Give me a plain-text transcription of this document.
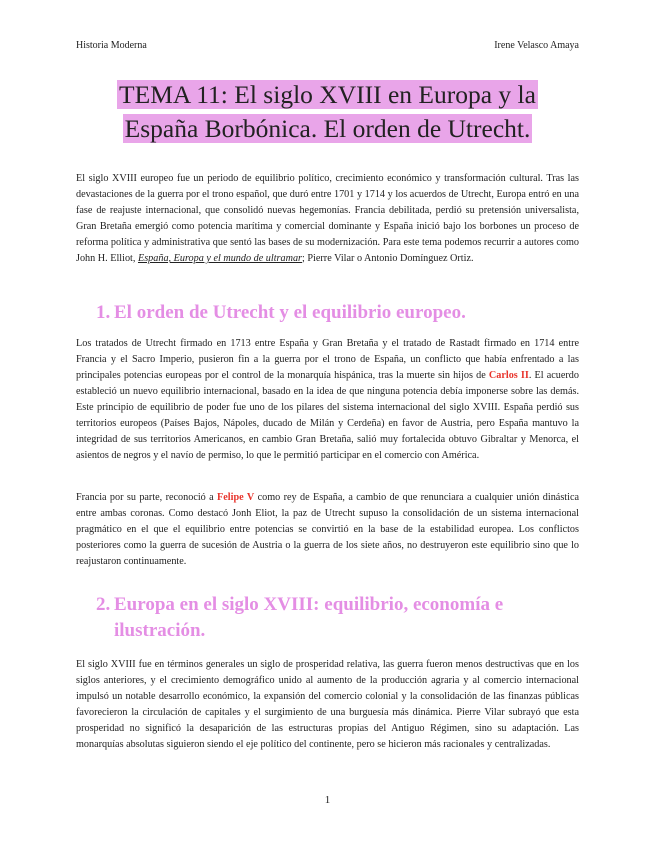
Historia Moderna	Irene Velasco Amaya
TEMA 11: El siglo XVIII en Europa y la
España Borbónica. El orden de Utrecht.

El siglo XVIII europeo fue un periodo de equilibrio político, crecimiento económico y transformación cultural. Tras las devastaciones de la guerra por el trono español, que duró entre 1701 y 1714 y los acuerdos de Utrecht, Europa entró en una fase de reajuste internacional, que consolidó nuevas hegemonías. Francia debilitada, perdió su pretensión universalista, Gran Bretaña emergió como potencia marítima y comercial dominante y España inició bajo los borbones un proceso de reforma política y administrativa que sentó las bases de su modernización. Para este tema podemos recurrir a autores como John H. Elliot, España, Europa y el mundo de ultramar; Pierre Vilar o Antonio Domínguez Ortiz.

1. El orden de Utrecht y el equilibrio europeo.

Los tratados de Utrecht firmado en 1713 entre España y Gran Bretaña y el tratado de Rastadt firmado en 1714 entre Francia y el Sacro Imperio, pusieron fin a la guerra por el trono de España, un conflicto que había enfrentado a las principales potencias europeas por el control de la monarquía hispánica, tras la muerte sin hijos de Carlos II. El acuerdo estableció un nuevo equilibrio internacional, basado en la idea de que ninguna potencia debía imponerse sobre las demás. Este principio de equilibrio de poder fue uno de los pilares del sistema internacional del siglo XVIII. España perdió sus territorios europeos (Países Bajos, Nápoles, ducado de Milán y Cerdeña) en favor de Austria, pero España mantuvo la integridad de sus territorios Americanos, en cambio Gran Bretaña, salió muy fortalecida obtuvo Gibraltar y Menorca, el asientos de negros y el navío de permiso, lo que le permitió participar en el comercio con América.

Francia por su parte, reconoció a Felipe V como rey de España, a cambio de que renunciara a cualquier unión dinástica entre ambas coronas. Como destacó Jonh Eliot, la paz de Utrecht supuso la consolidación de un sistema internacional pragmático en el que el equilibrio entre potencias se convirtió en la base de la estabilidad europea. Los conflictos posteriores como la guerra de sucesión de Austria o la guerra de los siete años, no destruyeron este equilibrio sino que lo reajustaron continuamente.

2. Europa en el siglo XVIII: equilibrio, economía e
ilustración.

El siglo XVIII fue en términos generales un siglo de prosperidad relativa, las guerra fueron menos destructivas que en los siglos anteriores, y el crecimiento demográfico unido al aumento de la producción agraria y al comercio internacional impulsó un notable desarrollo económico, la expansión del comercio colonial y la consolidación de las finanzas públicas favorecieron la circulación de capitales y el surgimiento de una burguesía más dinámica. Pierre Vilar subrayó que esta prosperidad no significó la desaparición de las estructuras propias del Antiguo Régimen, sino su adaptación. Las monarquías absolutas siguieron siendo el eje político del continente, pero se hicieron más racionales y centralizadas.

1
